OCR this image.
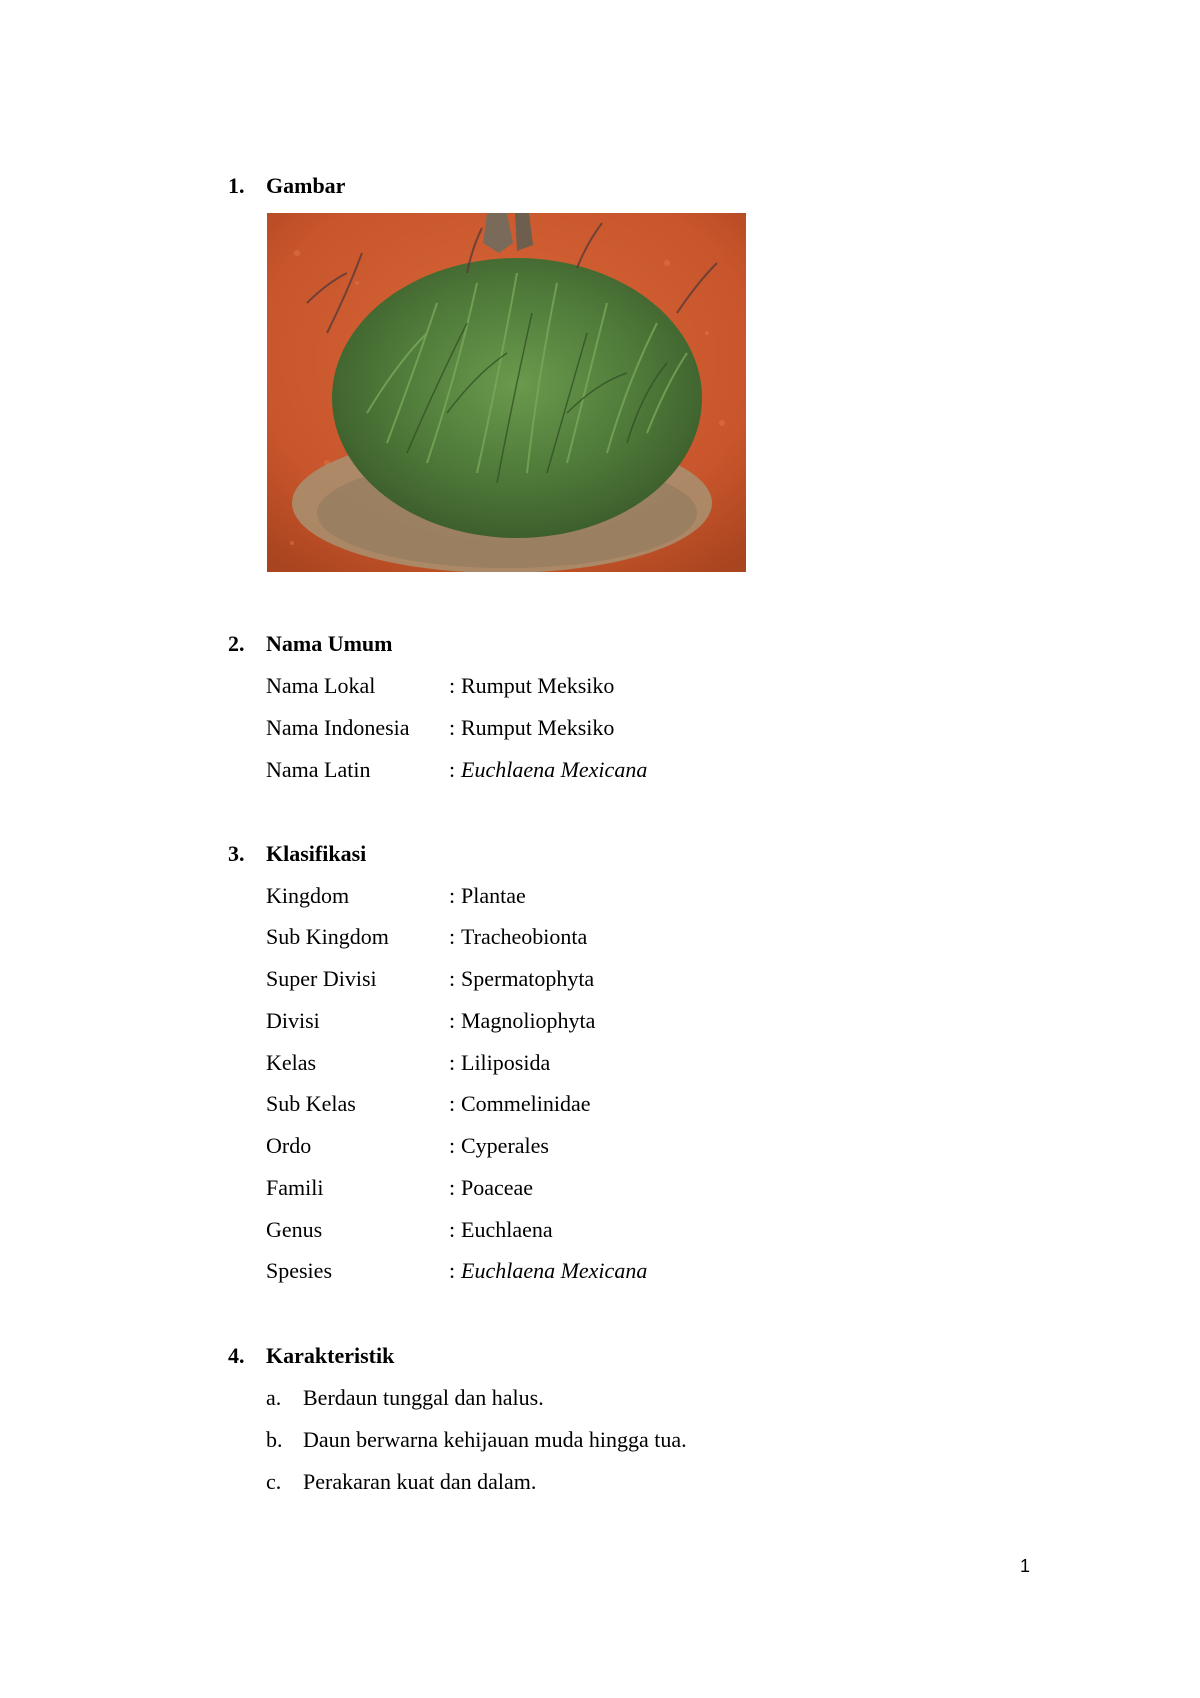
1. Gambar
2. Nama Umum
Nama Lokal	: Rumput Meksiko
Nama Indonesia : Rumput Meksiko
Nama Latin	: Euchlaena Mexicana
3. Klasifikasi
Kingdom	: Plantae
Sub Kingdom	: Tracheobionta
Super Divisi	: Spermatophyta
Divisi	: Magnoliophyta
Kelas	: Liliposida
Sub Kelas	: Commelinidae
Ordo	: Cyperales
Famili	: Poaceae
Genus	: Euchlaena
Spesies	: Euchlaena Mexicana
4. Karakteristik
a. Berdaun tunggal dan halus.
b. Daun berwarna kehijauan muda hingga tua.
c. Perakaran kuat dan dalam.
1
